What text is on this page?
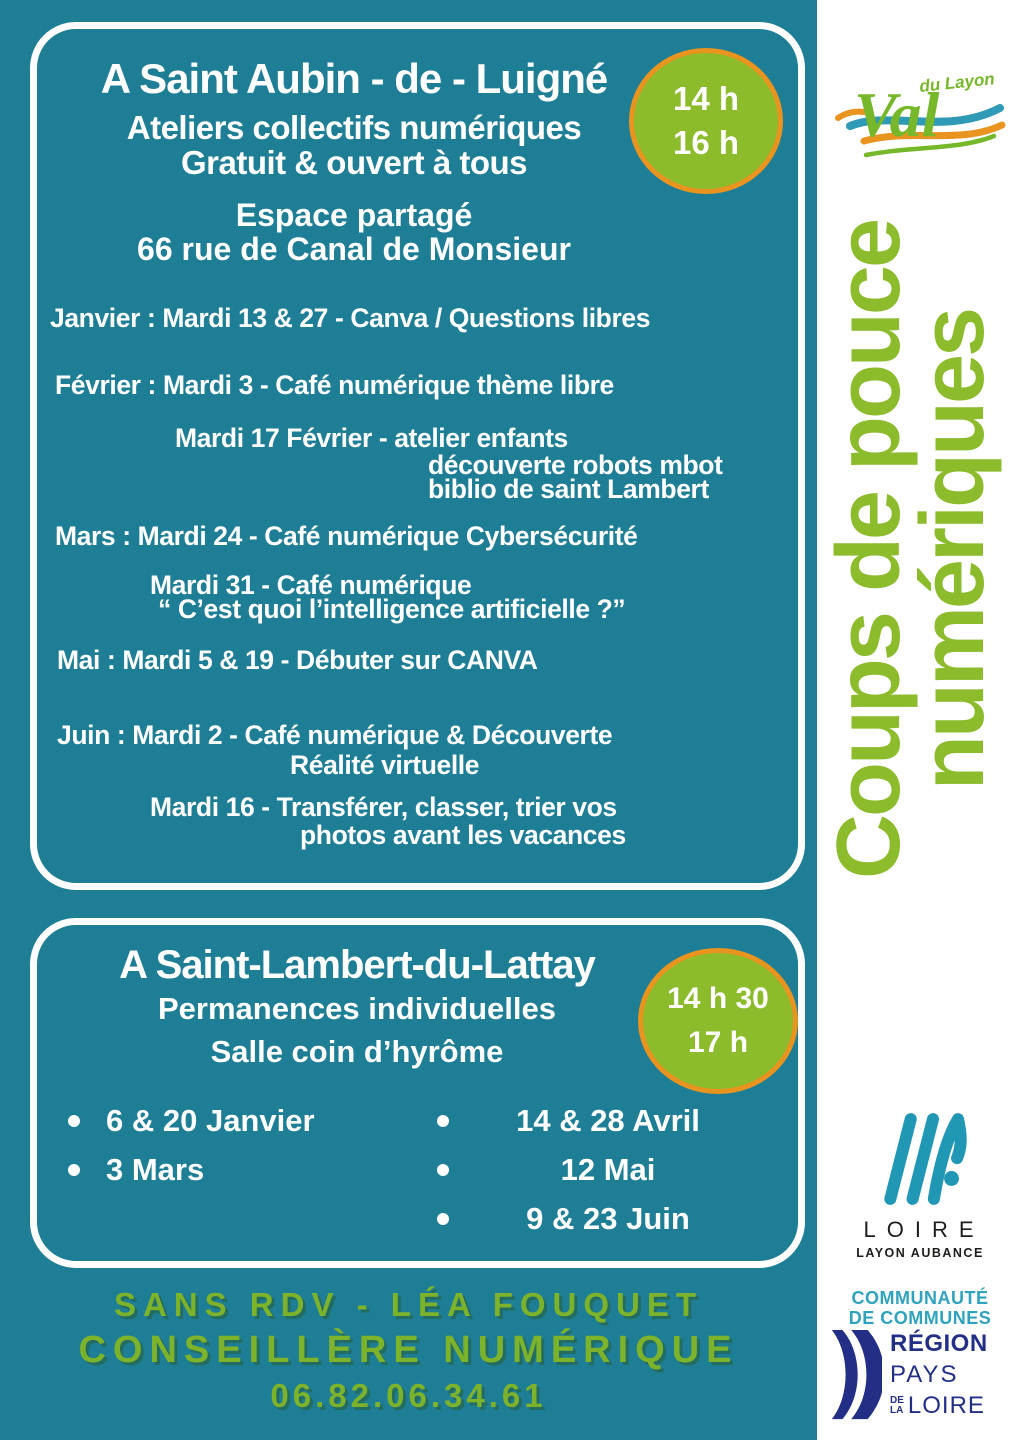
A Saint Aubin - de - Luigné
Ateliers collectifs numériques
Gratuit & ouvert à tous
Espace partagé
66 rue de Canal de Monsieur
14 h
16 h
Janvier : Mardi 13 & 27 - Canva / Questions libres
Février : Mardi 3 - Café numérique thème libre
Mardi 17 Février - atelier enfants
découverte robots mbot
biblio de saint Lambert
Mars : Mardi 24 - Café numérique Cybersécurité
Mardi 31 - Café numérique
“ C’est quoi l’intelligence artificielle ?”
Mai : Mardi 5 & 19 - Débuter sur CANVA
Juin : Mardi 2 - Café numérique & Découverte
Réalité virtuelle
Mardi 16 - Transférer, classer, trier vos
photos avant les vacances
A Saint-Lambert-du-Lattay
Permanences individuelles
Salle coin d’hyrôme
14 h 30
17 h
6 & 20 Janvier
3 Mars
14 & 28 Avril
12 Mai
9 & 23 Juin
SANS RDV - LÉA FOUQUET
CONSEILLÈRE NUMÉRIQUE
06.82.06.34.61
Val
du Layon
Coups de pouce
numériques
LOIRE
LAYON AUBANCE
COMMUNAUTÉ
DE COMMUNES
RÉGION
PAYS
DE
LA LOIRE
